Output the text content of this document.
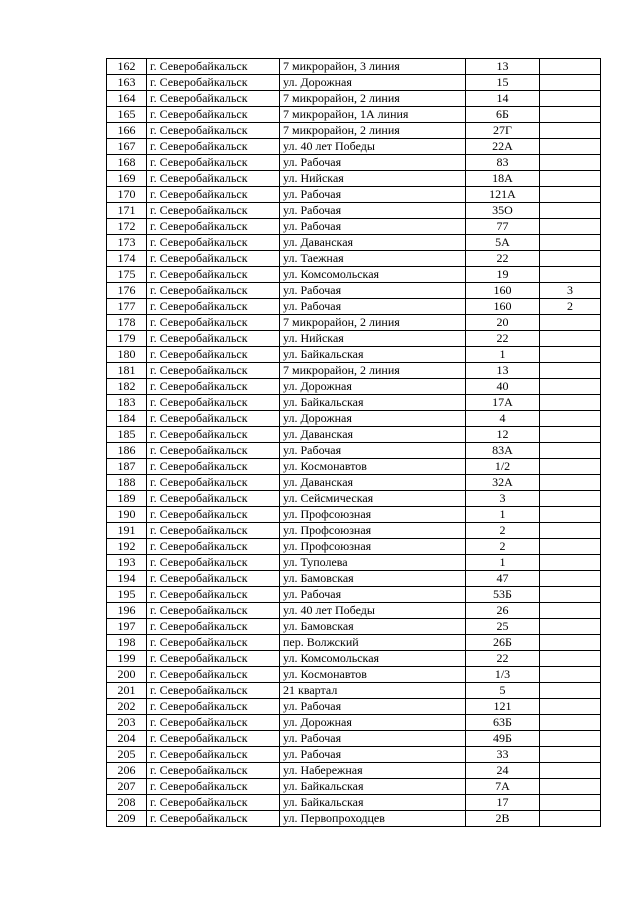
162	г. Северобайкальск	7 микрорайон, 3 линия	13	
163	г. Северобайкальск	ул. Дорожная	15	
164	г. Северобайкальск	7 микрорайон, 2 линия	14	
165	г. Северобайкальск	7 микрорайон, 1А линия	6Б	
166	г. Северобайкальск	7 микрорайон, 2 линия	27Г	
167	г. Северобайкальск	ул. 40 лет Победы	22А	
168	г. Северобайкальск	ул. Рабочая	83	
169	г. Северобайкальск	ул. Нийская	18А	
170	г. Северобайкальск	ул. Рабочая	121А	
171	г. Северобайкальск	ул. Рабочая	35О	
172	г. Северобайкальск	ул. Рабочая	77	
173	г. Северобайкальск	ул. Даванская	5А	
174	г. Северобайкальск	ул. Таежная	22	
175	г. Северобайкальск	ул. Комсомольская	19	
176	г. Северобайкальск	ул. Рабочая	160	3
177	г. Северобайкальск	ул. Рабочая	160	2
178	г. Северобайкальск	7 микрорайон, 2 линия	20	
179	г. Северобайкальск	ул. Нийская	22	
180	г. Северобайкальск	ул. Байкальская	1	
181	г. Северобайкальск	7 микрорайон, 2 линия	13	
182	г. Северобайкальск	ул. Дорожная	40	
183	г. Северобайкальск	ул. Байкальская	17А	
184	г. Северобайкальск	ул. Дорожная	4	
185	г. Северобайкальск	ул. Даванская	12	
186	г. Северобайкальск	ул. Рабочая	83А	
187	г. Северобайкальск	ул. Космонавтов	1/2	
188	г. Северобайкальск	ул. Даванская	32А	
189	г. Северобайкальск	ул. Сейсмическая	3	
190	г. Северобайкальск	ул. Профсоюзная	1	
191	г. Северобайкальск	ул. Профсоюзная	2	
192	г. Северобайкальск	ул. Профсоюзная	2	
193	г. Северобайкальск	ул. Туполева	1	
194	г. Северобайкальск	ул. Бамовская	47	
195	г. Северобайкальск	ул. Рабочая	53Б	
196	г. Северобайкальск	ул. 40 лет Победы	26	
197	г. Северобайкальск	ул. Бамовская	25	
198	г. Северобайкальск	пер. Волжский	26Б	
199	г. Северобайкальск	ул. Комсомольская	22	
200	г. Северобайкальск	ул. Космонавтов	1/3	
201	г. Северобайкальск	21 квартал	5	
202	г. Северобайкальск	ул. Рабочая	121	
203	г. Северобайкальск	ул. Дорожная	63Б	
204	г. Северобайкальск	ул. Рабочая	49Б	
205	г. Северобайкальск	ул. Рабочая	33	
206	г. Северобайкальск	ул. Набережная	24	
207	г. Северобайкальск	ул. Байкальская	7А	
208	г. Северобайкальск	ул. Байкальская	17	
209	г. Северобайкальск	ул. Первопроходцев	2В	
